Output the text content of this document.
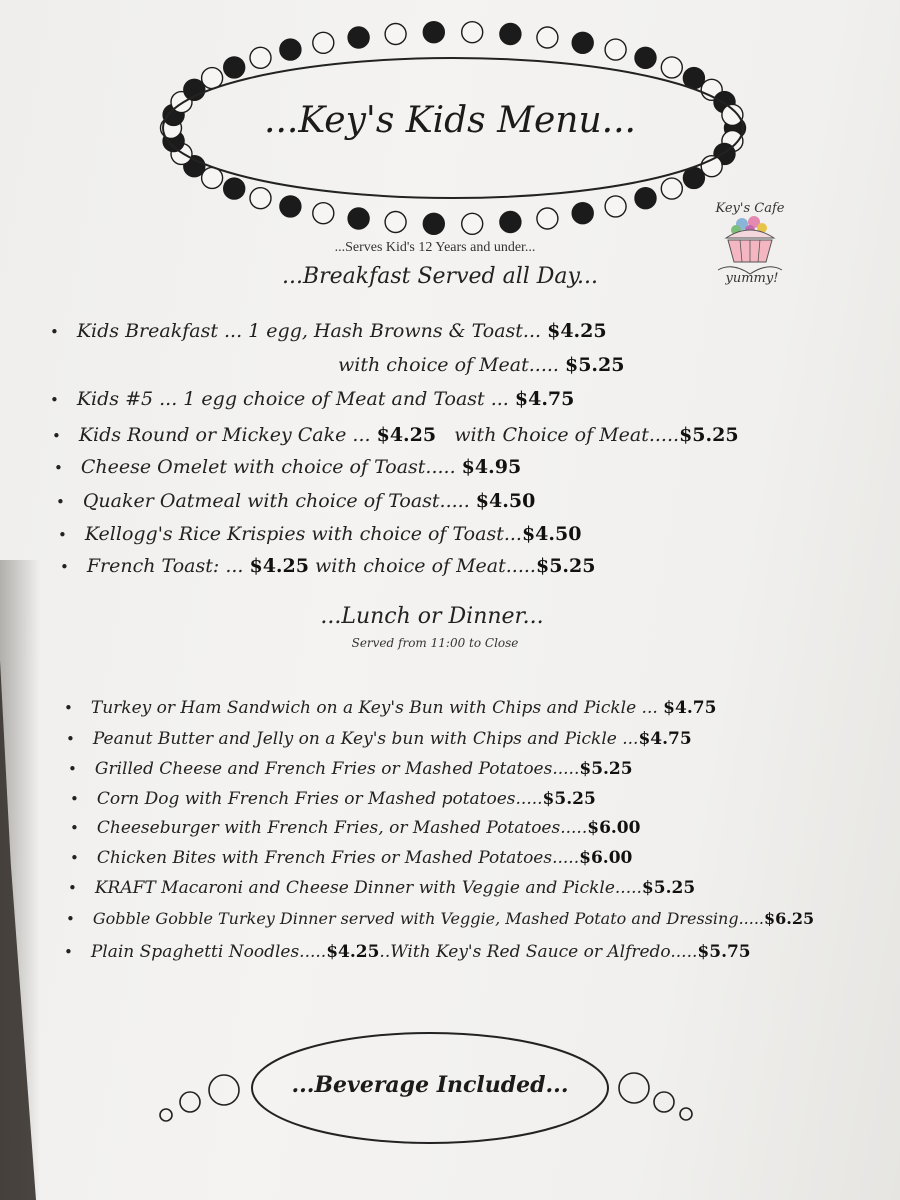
...Key's Kids Menu...
Key's Cafe
yummy!
...Serves Kid's 12 Years and under...
...Breakfast Served all Day...
• Kids Breakfast ... 1 egg, Hash Browns & Toast... $4.25
with choice of Meat..... $5.25
• Kids #5 ... 1 egg choice of Meat and Toast ... $4.75
• Kids Round or Mickey Cake ... $4.25   with Choice of Meat.....$5.25
• Cheese Omelet with choice of Toast..... $4.95
• Quaker Oatmeal with choice of Toast..... $4.50
• Kellogg's Rice Krispies with choice of Toast...$4.50
• French Toast: ... $4.25 with choice of Meat.....$5.25
...Lunch or Dinner...
Served from 11:00 to Close
• Turkey or Ham Sandwich on a Key's Bun with Chips and Pickle ... $4.75
• Peanut Butter and Jelly on a Key's bun with Chips and Pickle ...$4.75
• Grilled Cheese and French Fries or Mashed Potatoes.....$5.25
• Corn Dog with French Fries or Mashed potatoes.....$5.25
• Cheeseburger with French Fries, or Mashed Potatoes.....$6.00
• Chicken Bites with French Fries or Mashed Potatoes.....$6.00
• KRAFT Macaroni and Cheese Dinner with Veggie and Pickle.....$5.25
• Gobble Gobble Turkey Dinner served with Veggie, Mashed Potato and Dressing.....$6.25
• Plain Spaghetti Noodles.....$4.25..With Key's Red Sauce or Alfredo.....$5.75
...Beverage Included...
